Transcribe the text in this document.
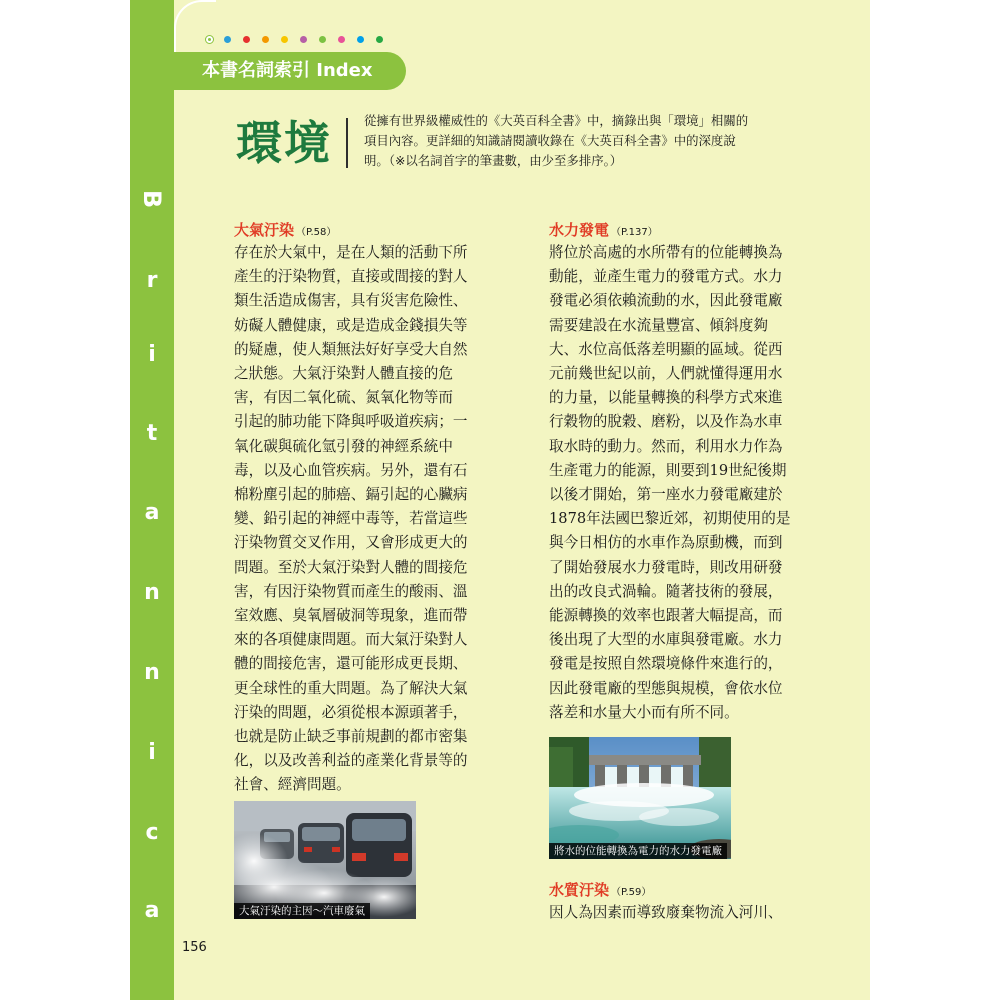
B
r
i
t
a
n
n
i
c
a
本書名詞索引 Index
環境	從擁有世界級權威性的《大英百科全書》中，摘錄出與「環境」相關的

項目內容。更詳細的知識請閱讀收錄在《大英百科全書》中的深度說

明。（※以名詞首字的筆畫數，由少至多排序。）

大氣汙染 （P.58）

存在於大氣中，是在人類的活動下所

產生的汙染物質，直接或間接的對人

類生活造成傷害，具有災害危險性、

妨礙人體健康，或是造成金錢損失等

的疑慮，使人類無法好好享受大自然

之狀態。大氣汙染對人體直接的危

害，有因二氧化硫、氮氧化物等而

引起的肺功能下降與呼吸道疾病；一

氧化碳與硫化氫引發的神經系統中

毒，以及心血管疾病。另外，還有石

棉粉塵引起的肺癌、鎘引起的心臟病

變、鉛引起的神經中毒等，若當這些

汙染物質交叉作用，又會形成更大的

問題。至於大氣汙染對人體的間接危

害，有因汙染物質而產生的酸雨、溫

室效應、臭氧層破洞等現象，進而帶

來的各項健康問題。而大氣汙染對人

體的間接危害，還可能形成更長期、

更全球性的重大問題。為了解決大氣

汙染的問題，必須從根本源頭著手，

也就是防止缺乏事前規劃的都市密集

化，以及改善利益的產業化背景等的

社會、經濟問題。

大氣汙染的主因～汽車廢氣
水力發電 （P.137）

將位於高處的水所帶有的位能轉換為

動能，並產生電力的發電方式。水力

發電必須依賴流動的水，因此發電廠

需要建設在水流量豐富、傾斜度夠

大、水位高低落差明顯的區域。從西

元前幾世紀以前，人們就懂得運用水

的力量，以能量轉換的科學方式來進

行穀物的脫穀、磨粉，以及作為水車

取水時的動力。然而，利用水力作為

生產電力的能源，則要到19世紀後期

以後才開始，第一座水力發電廠建於

1878年法國巴黎近郊，初期使用的是

與今日相仿的水車作為原動機，而到

了開始發展水力發電時，則改用研發

出的改良式渦輪。隨著技術的發展，

能源轉換的效率也跟著大幅提高，而

後出現了大型的水庫與發電廠。水力

發電是按照自然環境條件來進行的，

因此發電廠的型態與規模，會依水位

落差和水量大小而有所不同。

將水的位能轉換為電力的水力發電廠
水質汙染 （P.59）

因人為因素而導致廢棄物流入河川、

156
